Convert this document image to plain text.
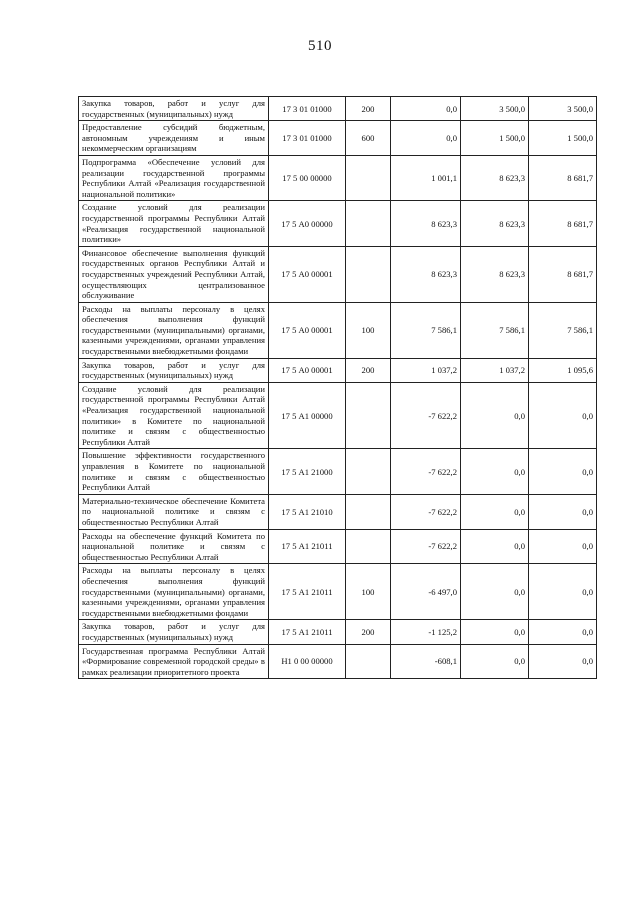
510
Закупка товаров, работ и услуг для государственных (муниципальных) нужд	17 3 01 01000	200	0,0	3 500,0	3 500,0
Предоставление субсидий бюджетным, автономным учреждениям и иным некоммерческим организациям	17 3 01 01000	600	0,0	1 500,0	1 500,0
Подпрограмма «Обеспечение условий для реализации государственной программы Республики Алтай «Реализация государственной национальной политики»	17 5 00 00000		1 001,1	8 623,3	8 681,7
Создание условий для реализации государственной программы Республики Алтай «Реализация государственной национальной политики»	17 5 А0 00000		8 623,3	8 623,3	8 681,7
Финансовое обеспечение выполнения функций государственных органов Республики Алтай и государственных учреждений Республики Алтай, осуществляющих централизованное обслуживание	17 5 А0 00001		8 623,3	8 623,3	8 681,7
Расходы на выплаты персоналу в целях обеспечения выполнения функций государственными (муниципальными) органами, казенными учреждениями, органами управления государственными внебюджетными фондами	17 5 А0 00001	100	7 586,1	7 586,1	7 586,1
Закупка товаров, работ и услуг для государственных (муниципальных) нужд	17 5 А0 00001	200	1 037,2	1 037,2	1 095,6
Создание условий для реализации государственной программы Республики Алтай «Реализация государственной национальной политики» в Комитете по национальной политике и связям с общественностью Республики Алтай	17 5 А1 00000		-7 622,2	0,0	0,0
Повышение эффективности государственного управления в Комитете по национальной политике и связям с общественностью Республики Алтай	17 5 А1 21000		-7 622,2	0,0	0,0
Материально-техническое обеспечение Комитета по национальной политике и связям с общественностью Республики Алтай	17 5 А1 21010		-7 622,2	0,0	0,0
Расходы на обеспечение функций Комитета по национальной политике и связям с общественностью Республики Алтай	17 5 А1 21011		-7 622,2	0,0	0,0
Расходы на выплаты персоналу в целях обеспечения выполнения функций государственными (муниципальными) органами, казенными учреждениями, органами управления государственными внебюджетными фондами	17 5 А1 21011	100	-6 497,0	0,0	0,0
Закупка товаров, работ и услуг для государственных (муниципальных) нужд	17 5 А1 21011	200	-1 125,2	0,0	0,0
Государственная программа Республики Алтай «Формирование современной городской среды» в рамках реализации приоритетного проекта	Н1 0 00 00000		-608,1	0,0	0,0
